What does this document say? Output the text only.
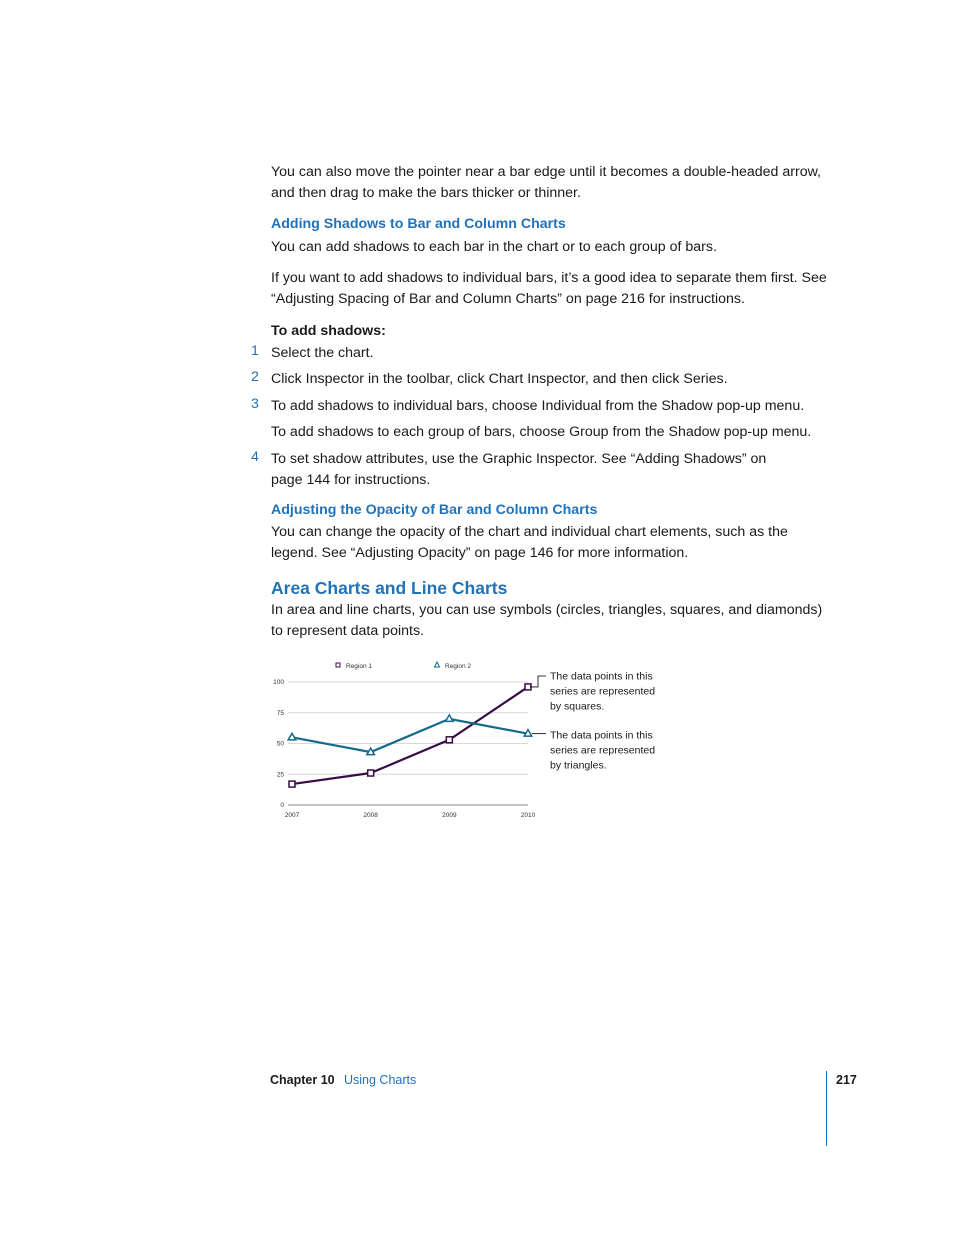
You can also move the pointer near a bar edge until it becomes a double-headed arrow, and then drag to make the bars thicker or thinner.

Adding Shadows to Bar and Column Charts

You can add shadows to each bar in the chart or to each group of bars.

If you want to add shadows to individual bars, it’s a good idea to separate them first. See “Adjusting Spacing of Bar and Column Charts” on page 216 for instructions.

To add shadows:

1 Select the chart.
2 Click Inspector in the toolbar, click Chart Inspector, and then click Series.
3 To add shadows to individual bars, choose Individual from the Shadow pop-up menu.
To add shadows to each group of bars, choose Group from the Shadow pop-up menu.
4 To set shadow attributes, use the Graphic Inspector. See “Adding Shadows” on page 144 for instructions.
Adjusting the Opacity of Bar and Column Charts

You can change the opacity of the chart and individual chart elements, such as the legend. See “Adjusting Opacity” on page 146 for more information.

Area Charts and Line Charts

In area and line charts, you can use symbols (circles, triangles, squares, and diamonds) to represent data points.

0
25
50
75
100
2007	2008	2009	2010
Region 1	Region 2
The data points in this
series are represented
by squares.
The data points in this
series are represented
by triangles.
Chapter 10 Using Charts	217
